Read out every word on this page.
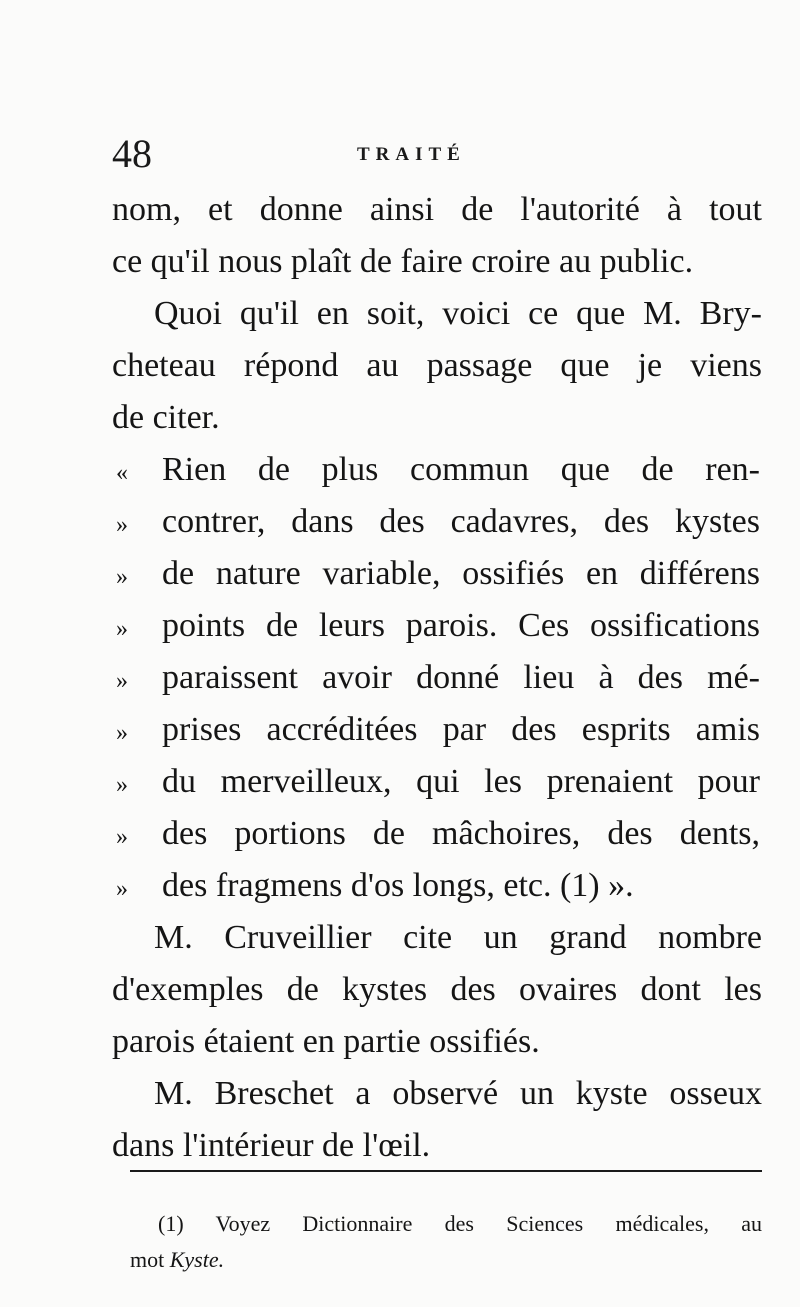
48	TRAITÉ
nom, et donne ainsi de l'autorité à tout
ce qu'il nous plaît de faire croire au public.
Quoi qu'il en soit, voici ce que M. Bry-
cheteau répond au passage que je viens
de citer.
« Rien de plus commun que de ren-
» contrer, dans des cadavres, des kystes
» de nature variable, ossifiés en différens
» points de leurs parois. Ces ossifications
» paraissent avoir donné lieu à des mé-
» prises accréditées par des esprits amis
» du merveilleux, qui les prenaient pour
» des portions de mâchoires, des dents,
» des fragmens d'os longs, etc. (1) ».
M. Cruveillier cite un grand nombre
d'exemples de kystes des ovaires dont les
parois étaient en partie ossifiés.
M. Breschet a observé un kyste osseux
dans l'intérieur de l'œil.
(1) Voyez Dictionnaire des Sciences médicales, au
mot Kyste.
